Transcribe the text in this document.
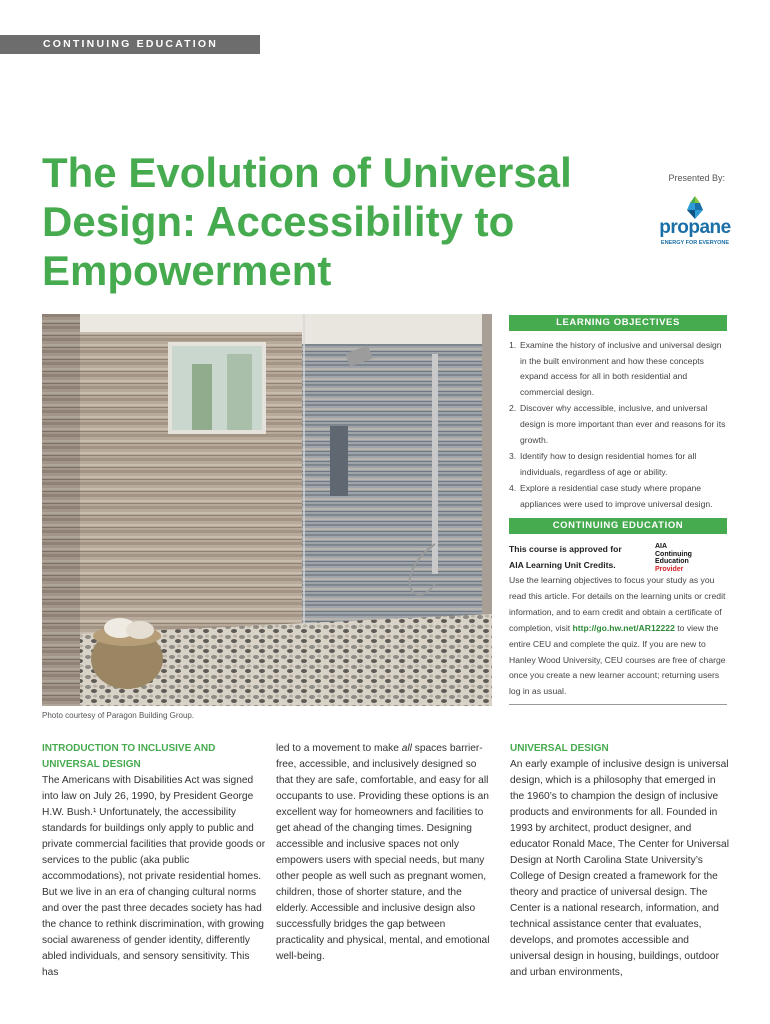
CONTINUING EDUCATION
The Evolution of Universal Design: Accessibility to Empowerment
Presented By:
propane
ENERGY FOR EVERYONE
Photo courtesy of Paragon Building Group.
LEARNING OBJECTIVES
1. Examine the history of inclusive and universal design in the built environment and how these concepts expand access for all in both residential and commercial design.
2. Discover why accessible, inclusive, and universal design is more important than ever and reasons for its growth.
3. Identify how to design residential homes for all individuals, regardless of age or ability.
4. Explore a residential case study where propane appliances were used to improve universal design.
CONTINUING EDUCATION
This course is approved for AIA Learning Unit Credits.
AIA
Continuing
Education
Provider

Use the learning objectives to focus your study as you read this article. For details on the learning units or credit information, and to earn credit and obtain a certificate of completion, visit http://go.hw.net/AR12222 to view the entire CEU and complete the quiz. If you are new to Hanley Wood University, CEU courses are free of charge once you create a new learner account; returning users log in as usual.

INTRODUCTION TO INCLUSIVE AND UNIVERSAL DESIGN

The Americans with Disabilities Act was signed into law on July 26, 1990, by President George H.W. Bush.¹ Unfortunately, the accessibility standards for buildings only apply to public and private commercial facilities that provide goods or services to the public (aka public accommodations), not private residential homes. But we live in an era of changing cultural norms and over the past three decades society has had the chance to rethink discrimination, with growing social awareness of gender identity, differently abled individuals, and sensory sensitivity. This has

led to a movement to make all spaces barrier-free, accessible, and inclusively designed so that they are safe, comfortable, and easy for all occupants to use. Providing these options is an excellent way for homeowners and facilities to get ahead of the changing times. Designing accessible and inclusive spaces not only empowers users with special needs, but many other people as well such as pregnant women, children, those of shorter stature, and the elderly. Accessible and inclusive design also successfully bridges the gap between practicality and physical, mental, and emotional well-being.

UNIVERSAL DESIGN

An early example of inclusive design is universal design, which is a philosophy that emerged in the 1960’s to champion the design of inclusive products and environments for all. Founded in 1993 by architect, product designer, and educator Ronald Mace, The Center for Universal Design at North Carolina State University’s College of Design created a framework for the theory and practice of universal design. The Center is a national research, information, and technical assistance center that evaluates, develops, and promotes accessible and universal design in housing, buildings, outdoor and urban environments,
